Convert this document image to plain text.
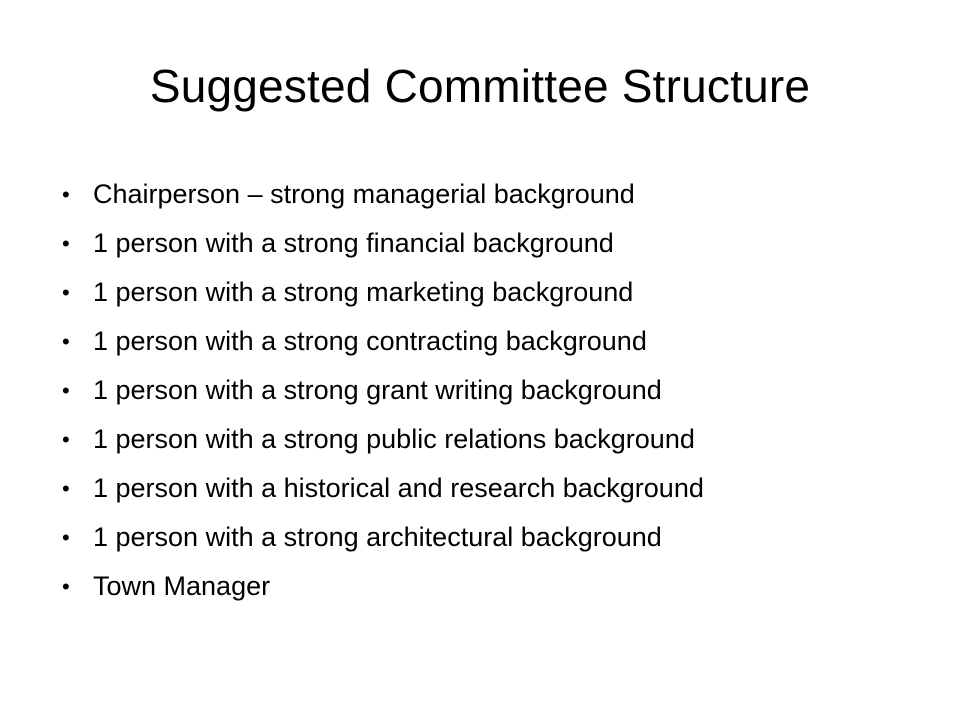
Suggested Committee Structure
• Chairperson – strong managerial background
• 1 person with a strong financial background
• 1 person with a strong marketing background
• 1 person with a strong contracting background
• 1 person with a strong grant writing background
• 1 person with a strong public relations background
• 1 person with a historical and research background
• 1 person with a strong architectural background
• Town Manager
